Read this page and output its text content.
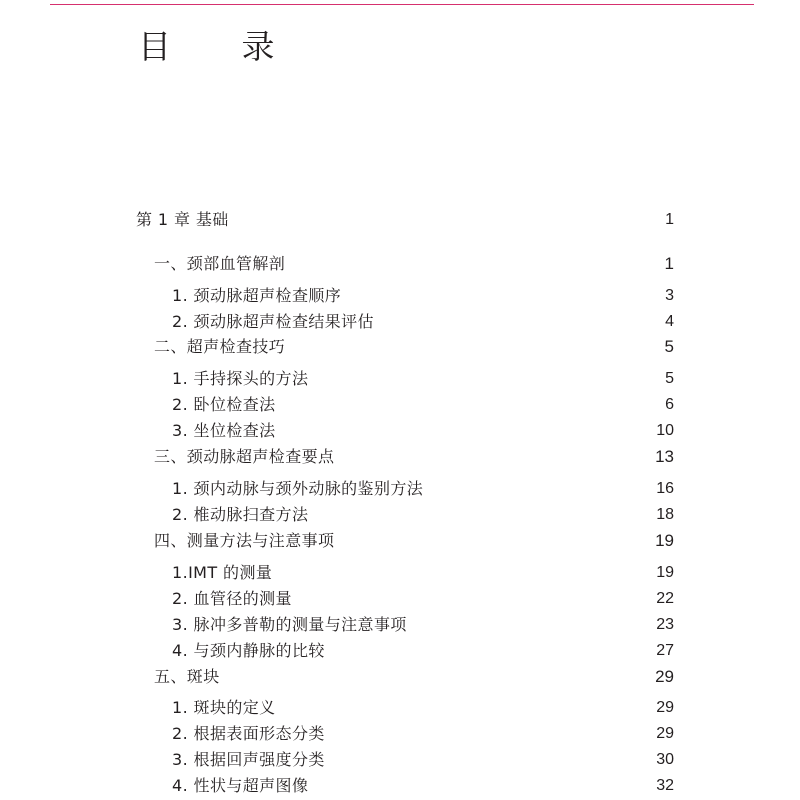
目 录
第 1 章 基础	1
一、颈部血管解剖	1
1. 颈动脉超声检查顺序	3
2. 颈动脉超声检查结果评估	4
二、超声检查技巧	5
1. 手持探头的方法	5
2. 卧位检查法	6
3. 坐位检查法	10
三、颈动脉超声检查要点	13
1. 颈内动脉与颈外动脉的鉴别方法	16
2. 椎动脉扫查方法	18
四、测量方法与注意事项	19
1.IMT 的测量	19
2. 血管径的测量	22
3. 脉冲多普勒的测量与注意事项	23
4. 与颈内静脉的比较	27
五、斑块	29
1. 斑块的定义	29
2. 根据表面形态分类	29
3. 根据回声强度分类	30
4. 性状与超声图像	32
